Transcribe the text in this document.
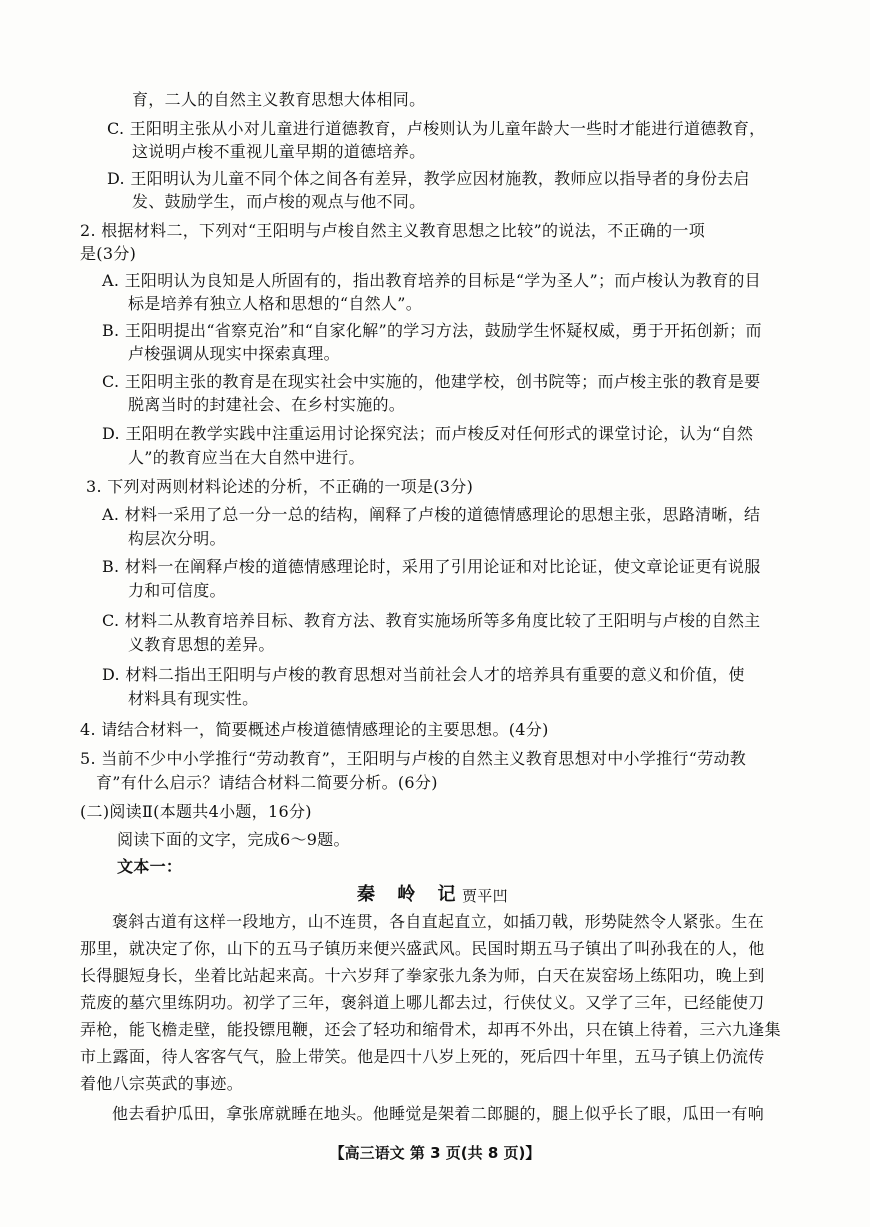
育，二人的自然主义教育思想大体相同。
C. 王阳明主张从小对儿童进行道德教育，卢梭则认为儿童年龄大一些时才能进行道德教育，
这说明卢梭不重视儿童早期的道德培养。
D. 王阳明认为儿童不同个体之间各有差异，教学应因材施教，教师应以指导者的身份去启
发、鼓励学生，而卢梭的观点与他不同。
2. 根据材料二，下列对“王阳明与卢梭自然主义教育思想之比较”的说法，不正确的一项
是(3分)
A. 王阳明认为良知是人所固有的，指出教育培养的目标是“学为圣人”；而卢梭认为教育的目
标是培养有独立人格和思想的“自然人”。
B. 王阳明提出“省察克治”和“自家化解”的学习方法，鼓励学生怀疑权威，勇于开拓创新；而
卢梭强调从现实中探索真理。
C. 王阳明主张的教育是在现实社会中实施的，他建学校，创书院等；而卢梭主张的教育是要
脱离当时的封建社会、在乡村实施的。
D. 王阳明在教学实践中注重运用讨论探究法；而卢梭反对任何形式的课堂讨论，认为“自然
人”的教育应当在大自然中进行。
3. 下列对两则材料论述的分析，不正确的一项是(3分)
A. 材料一采用了总一分一总的结构，阐释了卢梭的道德情感理论的思想主张，思路清晰，结
构层次分明。
B. 材料一在阐释卢梭的道德情感理论时，采用了引用论证和对比论证，使文章论证更有说服
力和可信度。
C. 材料二从教育培养目标、教育方法、教育实施场所等多角度比较了王阳明与卢梭的自然主
义教育思想的差异。
D. 材料二指出王阳明与卢梭的教育思想对当前社会人才的培养具有重要的意义和价值，使
材料具有现实性。
4. 请结合材料一，简要概述卢梭道德情感理论的主要思想。(4分)
5. 当前不少中小学推行“劳动教育”，王阳明与卢梭的自然主义教育思想对中小学推行“劳动教
育”有什么启示？请结合材料二简要分析。(6分)
(二)阅读Ⅱ(本题共4小题，16分)
阅读下面的文字，完成6～9题。
文本一：
秦 岭 记
贾平凹
褒斜古道有这样一段地方，山不连贯，各自直起直立，如插刀戟，形势陡然令人紧张。生在
那里，就决定了你，山下的五马子镇历来便兴盛武风。民国时期五马子镇出了叫孙我在的人，他
长得腿短身长，坐着比站起来高。十六岁拜了拳家张九条为师，白天在炭窑场上练阳功，晚上到
荒废的墓穴里练阴功。初学了三年，褒斜道上哪儿都去过，行侠仗义。又学了三年，已经能使刀
弄枪，能飞檐走壁，能投镖甩鞭，还会了轻功和缩骨术，却再不外出，只在镇上待着，三六九逢集
市上露面，待人客客气气，脸上带笑。他是四十八岁上死的，死后四十年里，五马子镇上仍流传
着他八宗英武的事迹。
他去看护瓜田，拿张席就睡在地头。他睡觉是架着二郎腿的，腿上似乎长了眼，瓜田一有响
【高三语文 第 3 页(共 8 页)】
